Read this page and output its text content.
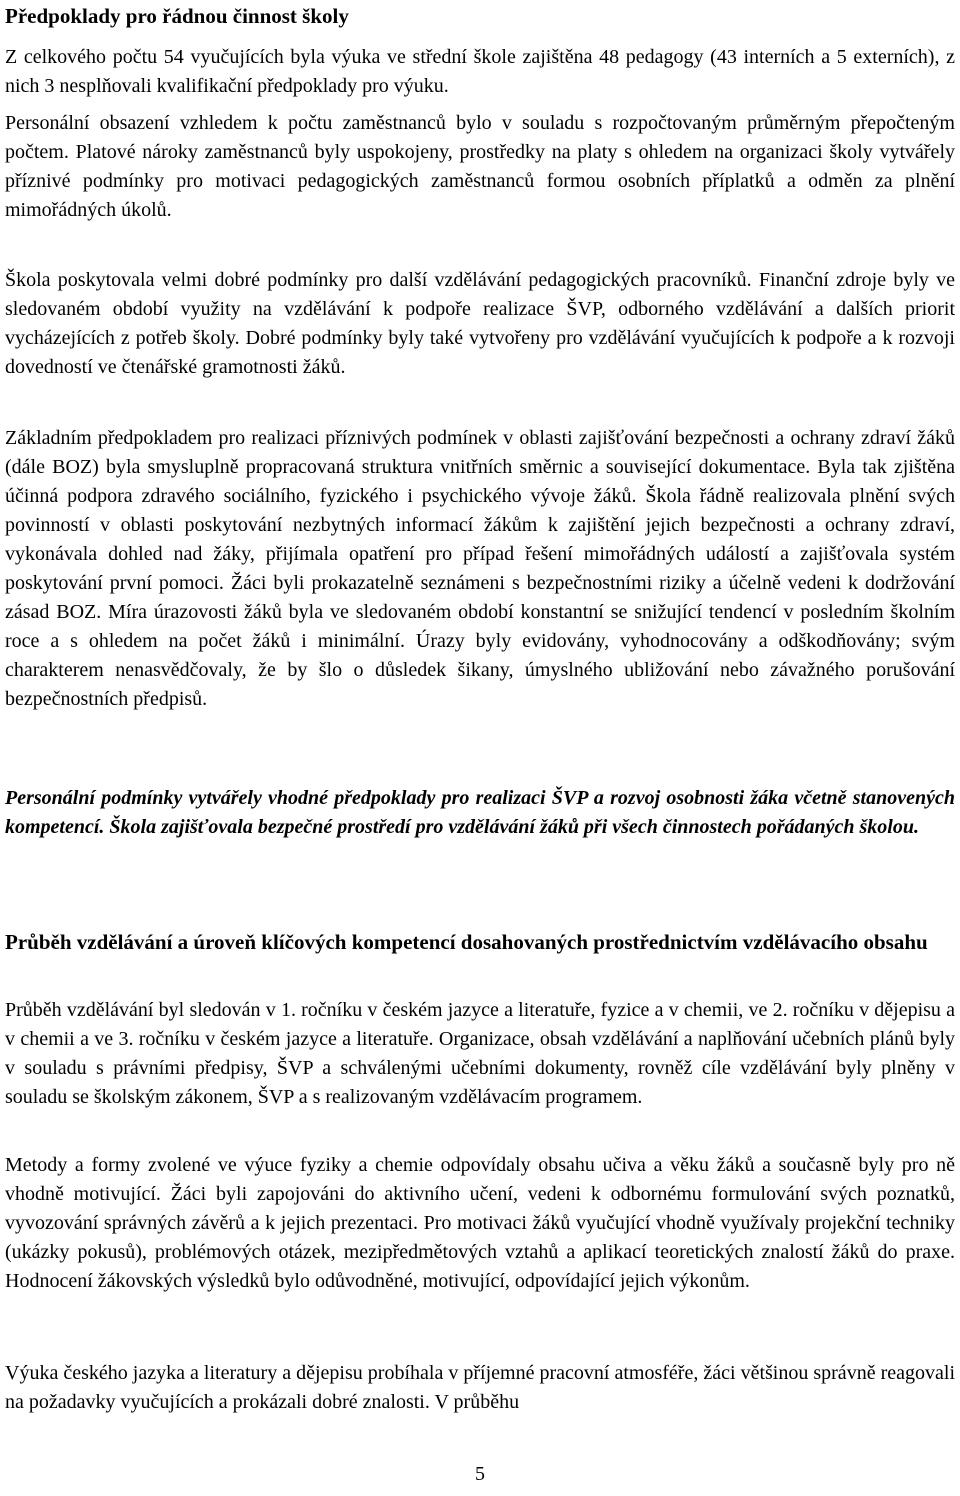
Předpoklady pro řádnou činnost školy

Z celkového počtu 54 vyučujících byla výuka ve střední škole zajištěna 48 pedagogy (43 interních a 5 externích), z nich 3 nesplňovali kvalifikační předpoklady pro výuku.

Personální obsazení vzhledem k počtu zaměstnanců bylo v souladu s rozpočtovaným průměrným přepočteným počtem. Platové nároky zaměstnanců byly uspokojeny, prostředky na platy s ohledem na organizaci školy vytvářely příznivé podmínky pro motivaci pedagogických zaměstnanců formou osobních příplatků a odměn za plnění mimořádných úkolů.

Škola poskytovala velmi dobré podmínky pro další vzdělávání pedagogických pracovníků. Finanční zdroje byly ve sledovaném období využity na vzdělávání k podpoře realizace ŠVP, odborného vzdělávání a dalších priorit vycházejících z potřeb školy. Dobré podmínky byly také vytvořeny pro vzdělávání vyučujících k podpoře a k rozvoji dovedností ve čtenářské gramotnosti žáků.

Základním předpokladem pro realizaci příznivých podmínek v oblasti zajišťování bezpečnosti a ochrany zdraví žáků (dále BOZ) byla smysluplně propracovaná struktura vnitřních směrnic a související dokumentace. Byla tak zjištěna účinná podpora zdravého sociálního, fyzického i psychického vývoje žáků. Škola řádně realizovala plnění svých povinností v oblasti poskytování nezbytných informací žákům k zajištění jejich bezpečnosti a ochrany zdraví, vykonávala dohled nad žáky, přijímala opatření pro případ řešení mimořádných událostí a zajišťovala systém poskytování první pomoci. Žáci byli prokazatelně seznámeni s bezpečnostními riziky a účelně vedeni k dodržování zásad BOZ. Míra úrazovosti žáků byla ve sledovaném období konstantní se snižující tendencí v posledním školním roce a s ohledem na počet žáků i minimální. Úrazy byly evidovány, vyhodnocovány a odškodňovány; svým charakterem nenasvědčovaly, že by šlo o důsledek šikany, úmyslného ubližování nebo závažného porušování bezpečnostních předpisů.

Personální podmínky vytvářely vhodné předpoklady pro realizaci ŠVP a rozvoj osobnosti žáka včetně stanovených kompetencí. Škola zajišťovala bezpečné prostředí pro vzdělávání žáků při všech činnostech pořádaných školou.

Průběh vzdělávání a úroveň klíčových kompetencí dosahovaných prostřednictvím vzdělávacího obsahu

Průběh vzdělávání byl sledován v 1. ročníku v českém jazyce a literatuře, fyzice a v chemii, ve 2. ročníku v dějepisu a v chemii a ve 3. ročníku v českém jazyce a literatuře. Organizace, obsah vzdělávání a naplňování učebních plánů byly v souladu s právními předpisy, ŠVP a schválenými učebními dokumenty, rovněž cíle vzdělávání byly plněny v souladu se školským zákonem, ŠVP a s realizovaným vzdělávacím programem.

Metody a formy zvolené ve výuce fyziky a chemie odpovídaly obsahu učiva a věku žáků a současně byly pro ně vhodně motivující. Žáci byli zapojováni do aktivního učení, vedeni k odbornému formulování svých poznatků, vyvozování správných závěrů a k jejich prezentaci. Pro motivaci žáků vyučující vhodně využívaly projekční techniky (ukázky pokusů), problémových otázek, mezipředmětových vztahů a aplikací teoretických znalostí žáků do praxe. Hodnocení žákovských výsledků bylo odůvodněné, motivující, odpovídající jejich výkonům.

Výuka českého jazyka a literatury a dějepisu probíhala v příjemné pracovní atmosféře, žáci většinou správně reagovali na požadavky vyučujících a prokázali dobré znalosti. V průběhu

5
